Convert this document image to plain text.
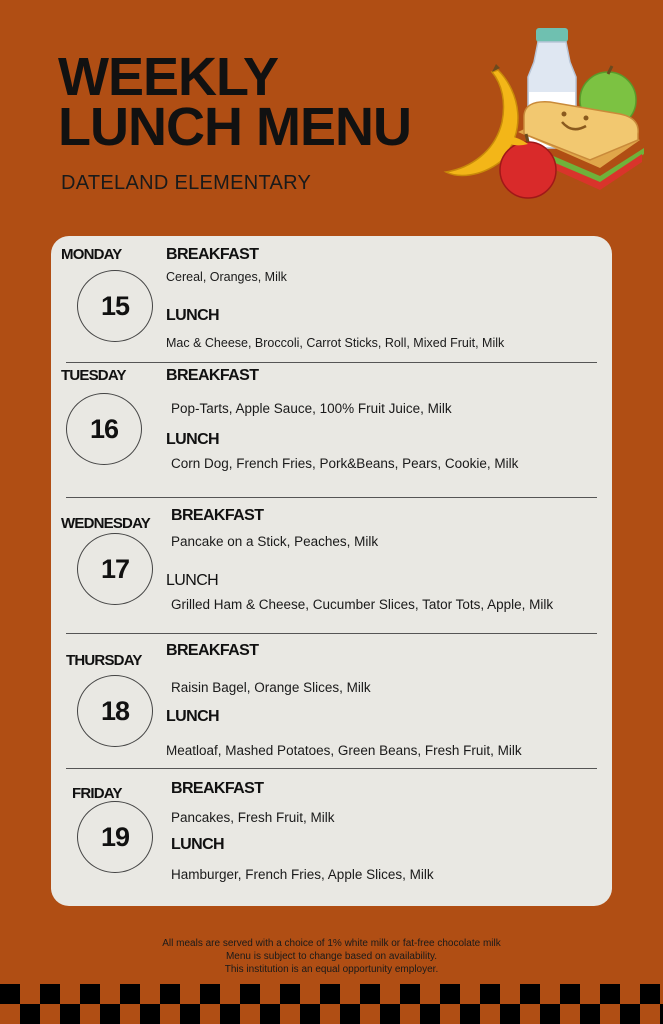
WEEKLY
LUNCH MENU
DATELAND ELEMENTARY
MONDAY
15
BREAKFAST
Cereal, Oranges, Milk
LUNCH
Mac & Cheese, Broccoli, Carrot Sticks, Roll, Mixed Fruit, Milk
TUESDAY
16
BREAKFAST
Pop-Tarts, Apple Sauce, 100% Fruit Juice, Milk
LUNCH
Corn Dog, French Fries, Pork&Beans, Pears, Cookie, Milk
WEDNESDAY
17
BREAKFAST
Pancake on a Stick, Peaches, Milk
LUNCH
Grilled Ham & Cheese, Cucumber Slices, Tator Tots, Apple, Milk
THURSDAY
18
BREAKFAST
Raisin Bagel, Orange Slices, Milk
LUNCH
Meatloaf, Mashed Potatoes, Green Beans, Fresh Fruit, Milk
FRIDAY
19
BREAKFAST
Pancakes, Fresh Fruit, Milk
LUNCH
Hamburger, French Fries, Apple Slices, Milk
All meals are served with a choice of 1% white milk or fat-free chocolate milk
Menu is subject to change based on availability.
This institution is an equal opportunity employer.
